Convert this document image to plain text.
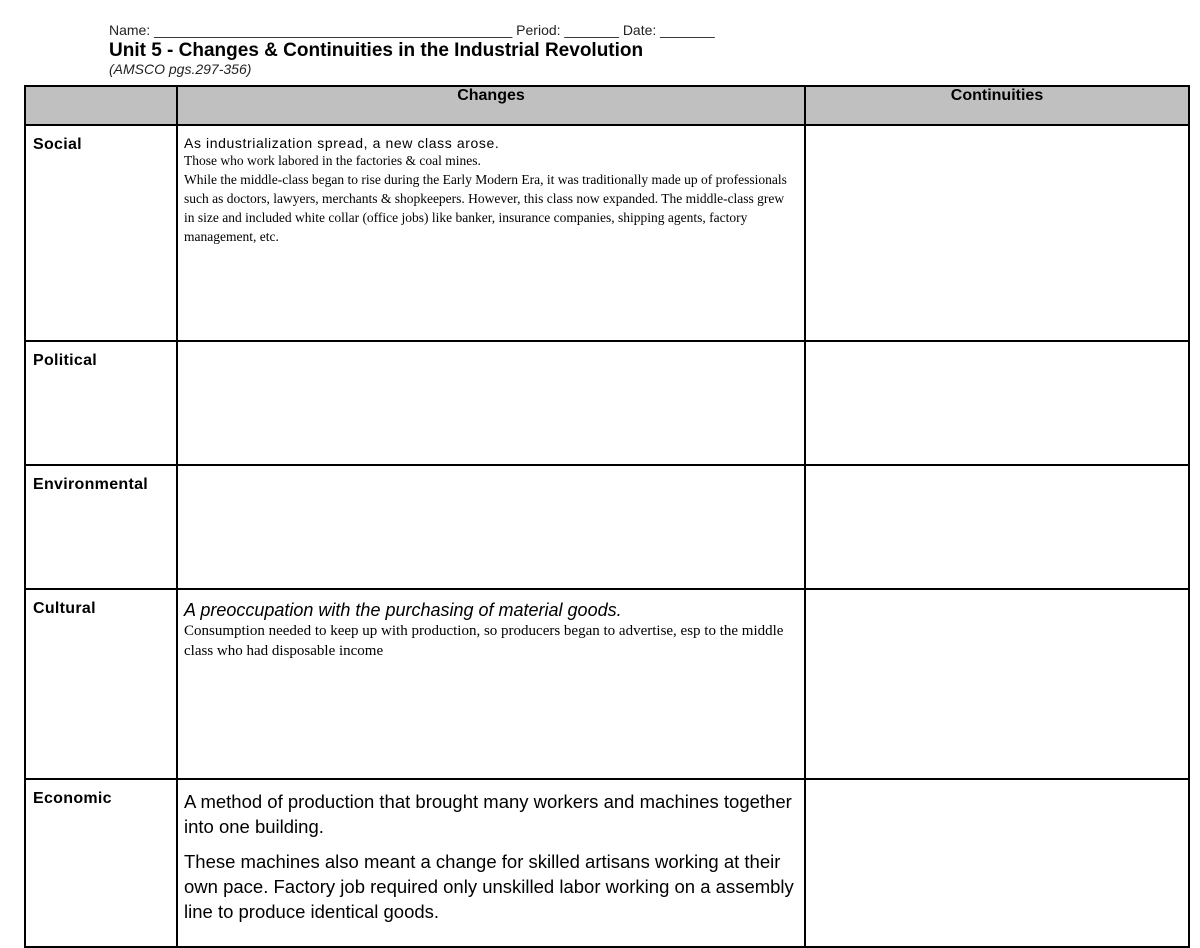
Name: ______________________________________________ Period: _______ Date: _______
Unit 5 - Changes & Continuities in the Industrial Revolution
(AMSCO pgs.297-356)
	Changes	Continuities
Social	As industrialization spread, a new class arose.
Those who work labored in the factories & coal mines.
While the middle-class began to rise during the Early Modern Era, it was traditionally made up of professionals such as doctors, lawyers, merchants & shopkeepers. However, this class now expanded. The middle-class grew in size and included white collar (office jobs) like banker, insurance companies, shipping agents, factory management, etc.	

Political		
Environmental		
Cultural	A preoccupation with the purchasing of material goods.
Consumption needed to keep up with production, so producers began to advertise, esp to the middle class who had disposable income	

Economic	A method of production that brought many workers and machines together into one building.
These machines also meant a change for skilled artisans working at their own pace. Factory job required only unskilled labor working on a assembly line to produce identical goods.	
